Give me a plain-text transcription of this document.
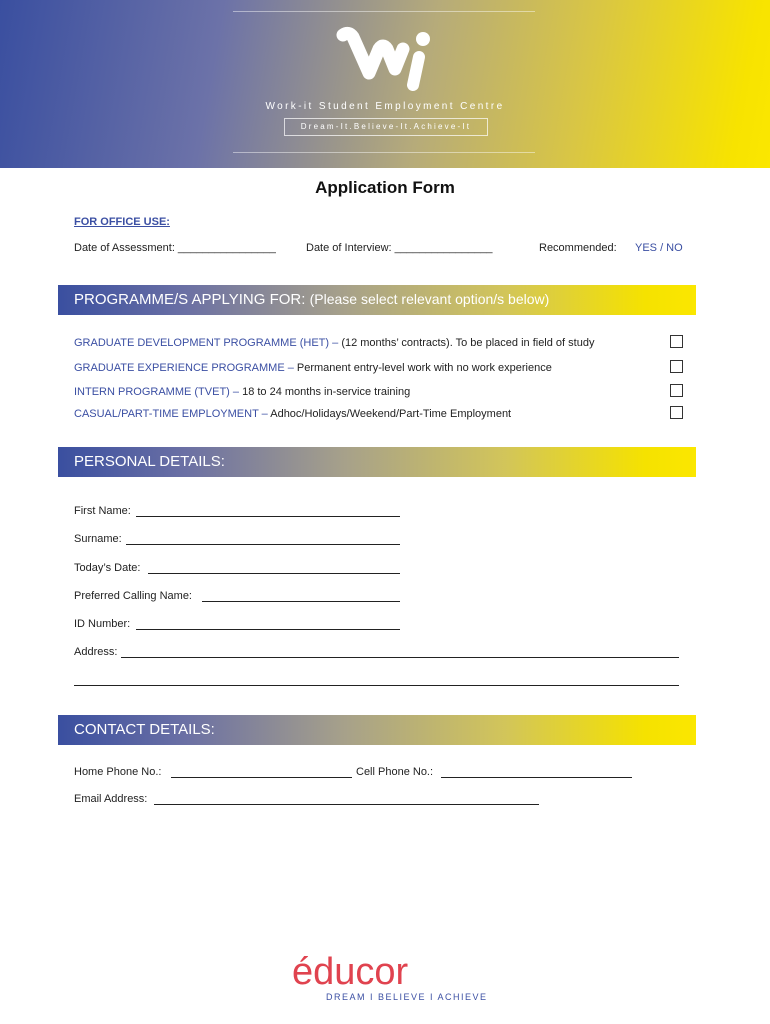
Work-it Student Employment Centre
Dream-It.Believe-It.Achieve-It
Application Form
FOR OFFICE USE:
Date of Assessment: ________________	Date of Interview: ________________	Recommended: YES / NO
PROGRAMME/S APPLYING FOR: (Please select relevant option/s below)
GRADUATE DEVELOPMENT PROGRAMME (HET) – (12 months’ contracts). To be placed in field of study
GRADUATE EXPERIENCE PROGRAMME – Permanent entry-level work with no work experience
INTERN PROGRAMME (TVET) – 18 to 24 months in-service training
CASUAL/PART-TIME EMPLOYMENT – Adhoc/Holidays/Weekend/Part-Time Employment
PERSONAL DETAILS:
First Name:
Surname:
Today’s Date:
Preferred Calling Name:
ID Number:
Address:
CONTACT DETAILS:
Home Phone No.:	Cell Phone No.:
Email Address:
éducor
DREAM I BELIEVE I ACHIEVE
